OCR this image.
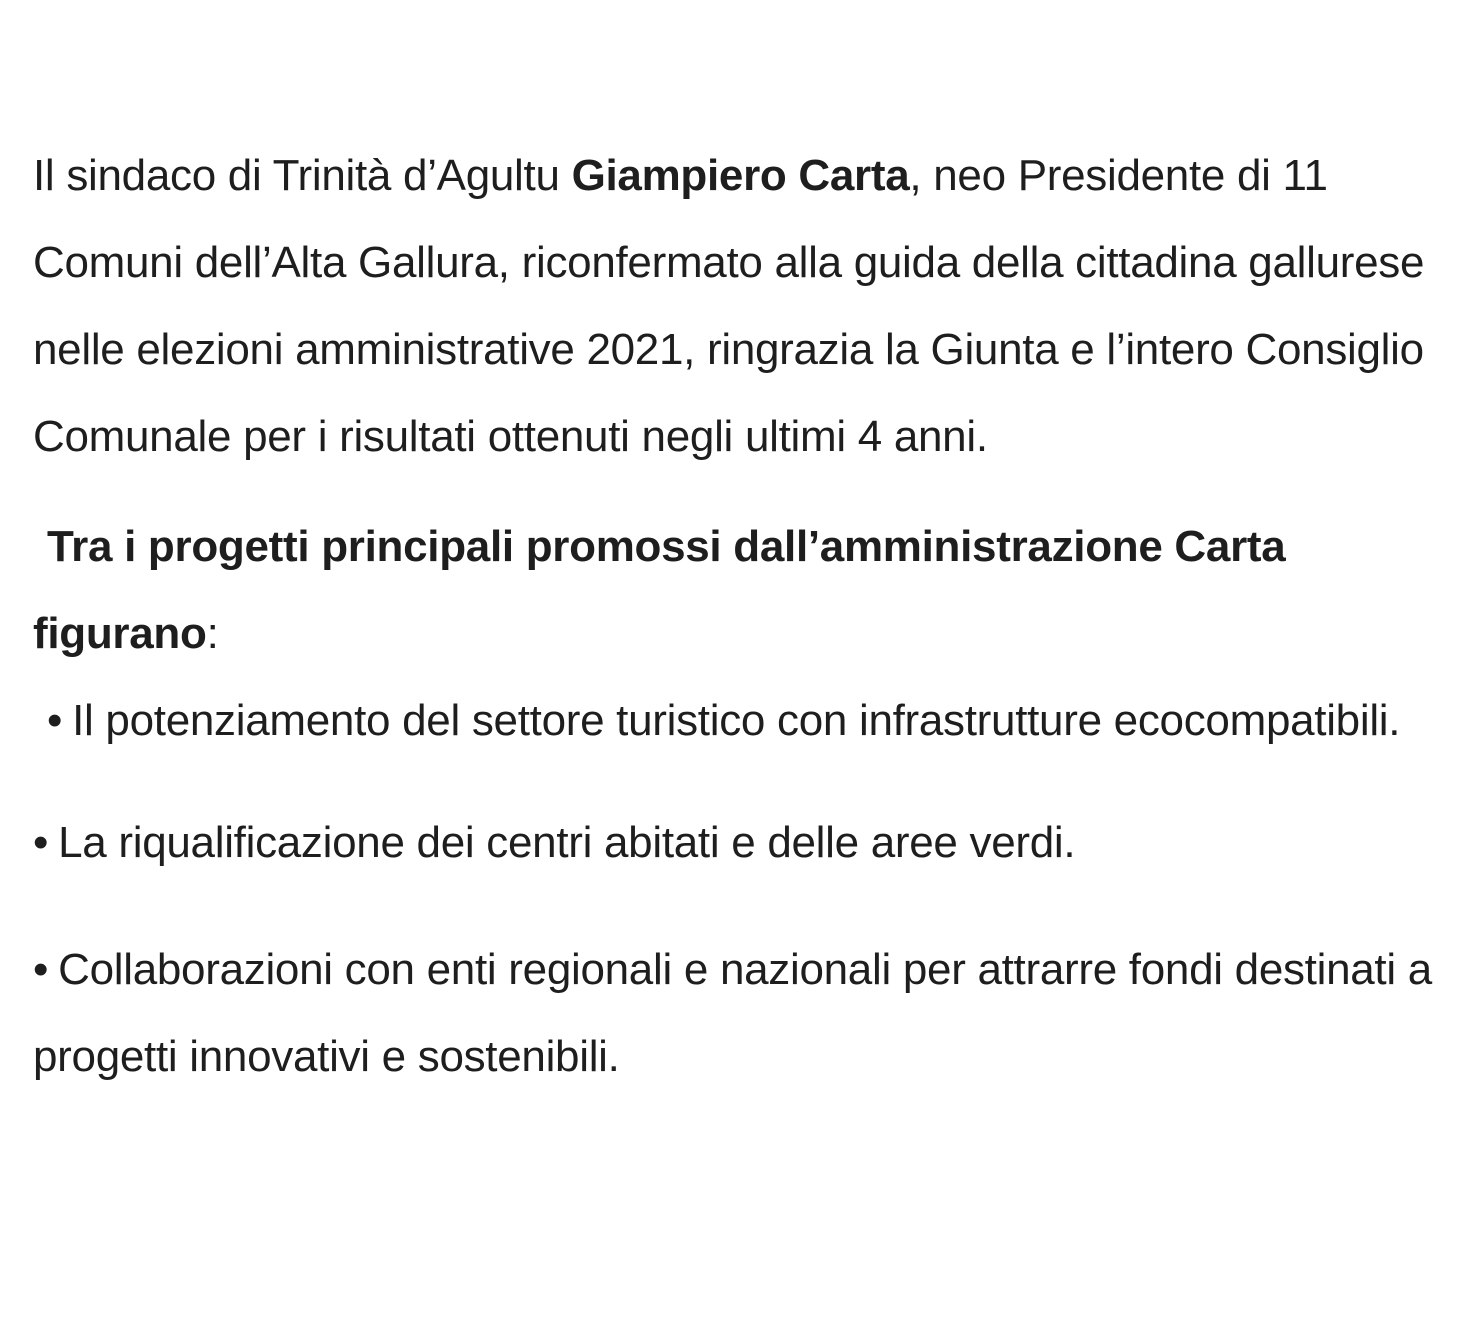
Il sindaco di Trinità d’Agultu Giampiero Carta, neo Presidente di 11 Comuni dell’Alta Gallura, riconfermato alla guida della cittadina gallurese nelle elezioni amministrative 2021, ringrazia la Giunta e l’intero Consiglio Comunale per i risultati ottenuti negli ultimi 4 anni.

Tra i progetti principali promossi dall’amministrazione Carta figurano:

• Il potenziamento del settore turistico con infrastrutture ecocompatibili.

• La riqualificazione dei centri abitati e delle aree verdi.

• Collaborazioni con enti regionali e nazionali per attrarre fondi destinati a progetti innovativi e sostenibili.
